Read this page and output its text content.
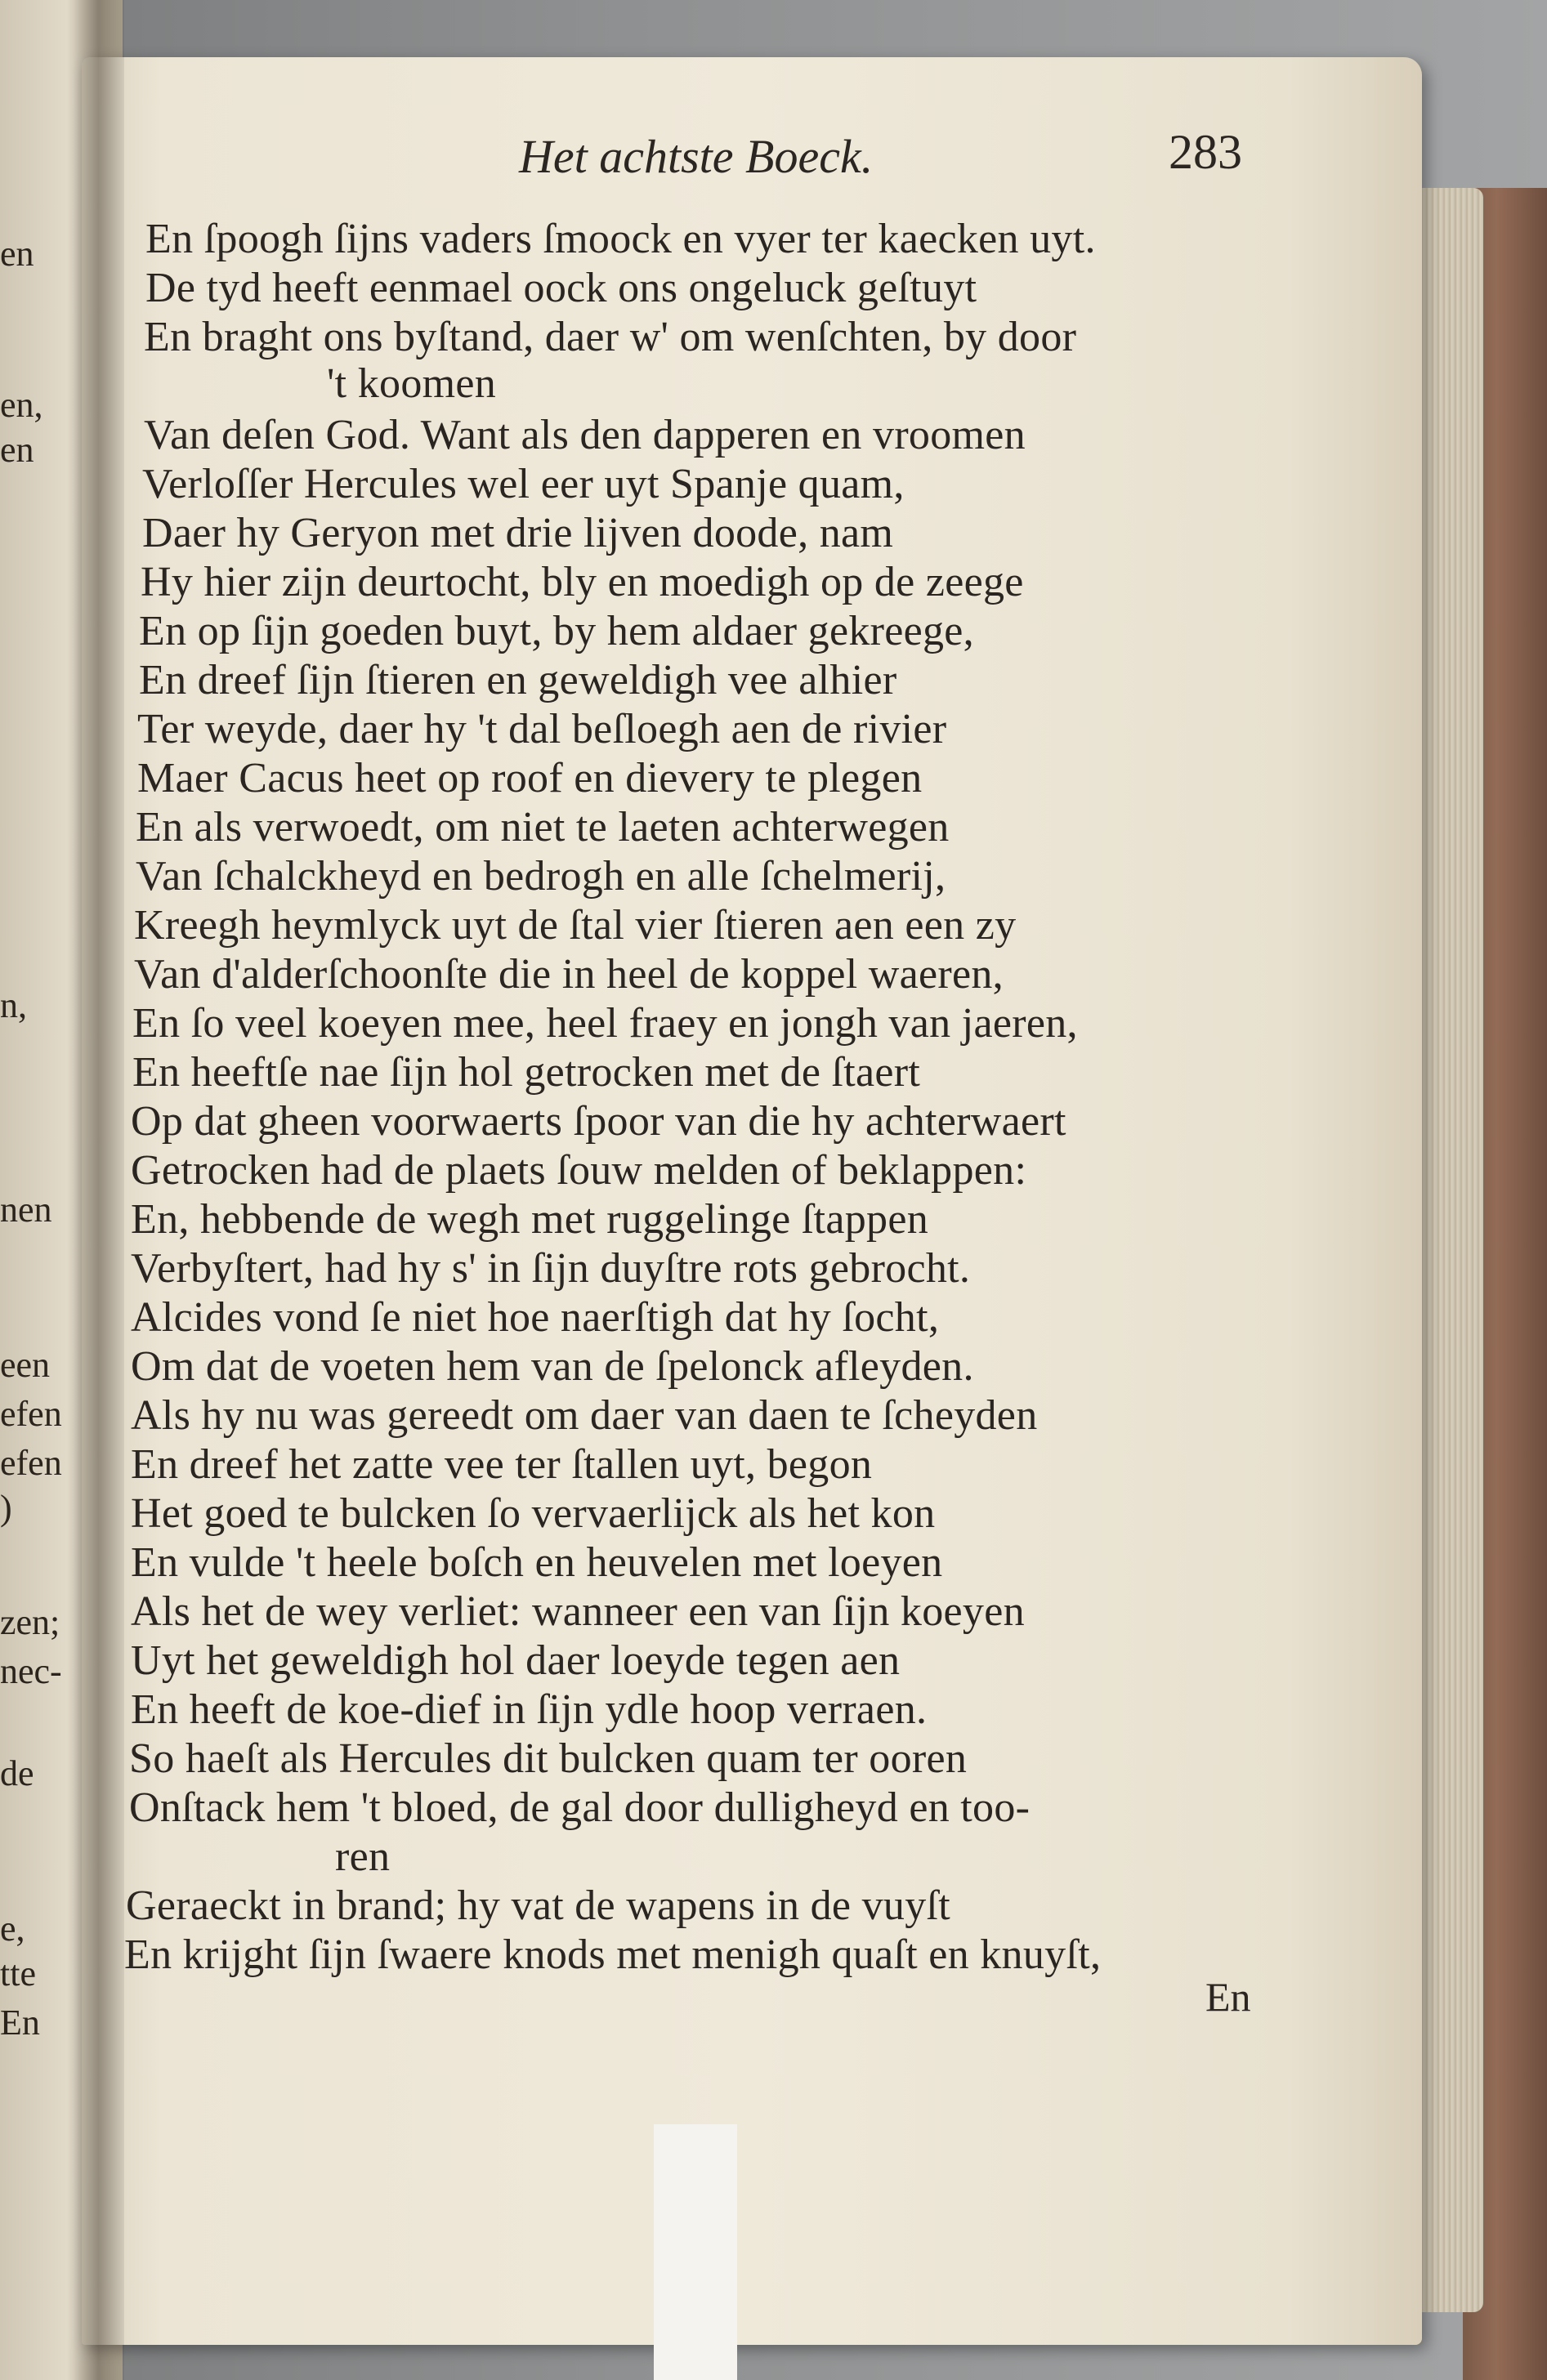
en
en,
en
n,
nen
een
efen
efen
)
zen;
nec-
de
e,
tte
En
Het achtste Boeck.	283
En ſpoogh ſijns vaders ſmoock en vyer ter kaecken uyt.
De tyd heeft eenmael oock ons ongeluck geſtuyt
En braght ons byſtand, daer w' om wenſchten, by door
't koomen
Van deſen God. Want als den dapperen en vroomen
Verloſſer Hercules wel eer uyt Spanje quam,
Daer hy Geryon met drie lijven doode, nam
Hy hier zijn deurtocht, bly en moedigh op de zeege
En op ſijn goeden buyt, by hem aldaer gekreege,
En dreef ſijn ſtieren en geweldigh vee alhier
Ter weyde, daer hy 't dal beſloegh aen de rivier
Maer Cacus heet op roof en dievery te plegen
En als verwoedt, om niet te laeten achterwegen
Van ſchalckheyd en bedrogh en alle ſchelmerij,
Kreegh heymlyck uyt de ſtal vier ſtieren aen een zy
Van d'alderſchoonſte die in heel de koppel waeren,
En ſo veel koeyen mee, heel fraey en jongh van jaeren,
En heeftſe nae ſijn hol getrocken met de ſtaert
Op dat gheen voorwaerts ſpoor van die hy achterwaert
Getrocken had de plaets ſouw melden of beklappen:
En, hebbende de wegh met ruggelinge ſtappen
Verbyſtert, had hy s' in ſijn duyſtre rots gebrocht.
Alcides vond ſe niet hoe naerſtigh dat hy ſocht,
Om dat de voeten hem van de ſpelonck afleyden.
Als hy nu was gereedt om daer van daen te ſcheyden
En dreef het zatte vee ter ſtallen uyt, begon
Het goed te bulcken ſo vervaerlijck als het kon
En vulde 't heele boſch en heuvelen met loeyen
Als het de wey verliet: wanneer een van ſijn koeyen
Uyt het geweldigh hol daer loeyde tegen aen
En heeft de koe-dief in ſijn ydle hoop verraen.
So haeſt als Hercules dit bulcken quam ter ooren
Onſtack hem 't bloed, de gal door dulligheyd en too-
ren
Geraeckt in brand; hy vat de wapens in de vuyſt
En krijght ſijn ſwaere knods met menigh quaſt en knuyſt,
En
